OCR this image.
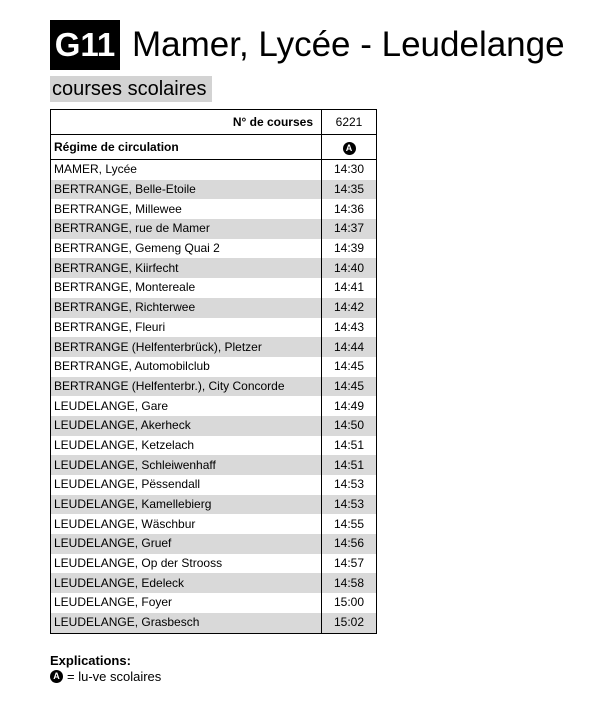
G11 Mamer, Lycée - Leudelange
courses scolaires
N° de courses	6221
Régime de circulation	A
MAMER, Lycée	14:30
BERTRANGE, Belle-Etoile	14:35
BERTRANGE, Millewee	14:36
BERTRANGE, rue de Mamer	14:37
BERTRANGE, Gemeng Quai 2	14:39
BERTRANGE, Kiirfecht	14:40
BERTRANGE, Montereale	14:41
BERTRANGE, Richterwee	14:42
BERTRANGE, Fleuri	14:43
BERTRANGE (Helfenterbrück), Pletzer	14:44
BERTRANGE, Automobilclub	14:45
BERTRANGE (Helfenterbr.), City Concorde	14:45
LEUDELANGE, Gare	14:49
LEUDELANGE, Akerheck	14:50
LEUDELANGE, Ketzelach	14:51
LEUDELANGE, Schleiwenhaff	14:51
LEUDELANGE, Pëssendall	14:53
LEUDELANGE, Kamellebierg	14:53
LEUDELANGE, Wäschbur	14:55
LEUDELANGE, Gruef	14:56
LEUDELANGE, Op der Strooss	14:57
LEUDELANGE, Edeleck	14:58
LEUDELANGE, Foyer	15:00
LEUDELANGE, Grasbesch	15:02
Explications:
A = lu-ve scolaires
